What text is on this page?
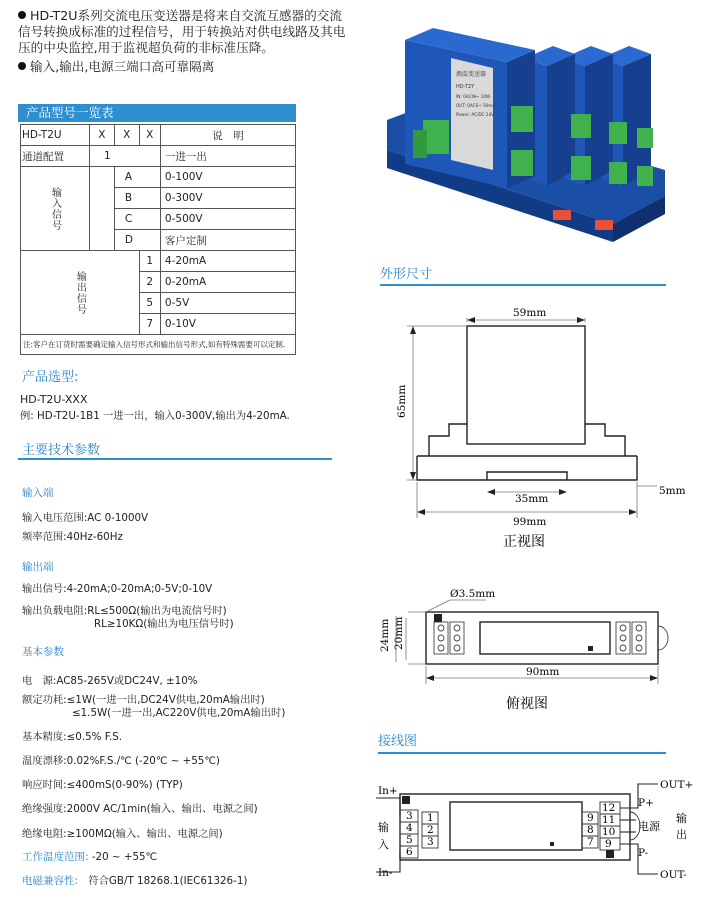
HD-T2U系列交流电压变送器是将来自交流互感器的交流信号转换成标准的过程信号，用于转换站对供电线路及其电压的中央监控,用于监视超负荷的非标准压降。

输入,输出,电源三端口高可靠隔离

产品型号一览表
HD-T2U	X	X	X	说　明
通道配置	1			一进一出

输入信号		A		0-100V
		B		0-300V
		C		0-500V
		D		客户定制

输出信号			1	4-20mA
			2	0-20mA
			5	0-5V
			7	0-10V
注:客户在订货时需要确定输入信号形式和输出信号形式,如有特殊需要可以定制.				
产品选型:
HD-T2U-XXX
例: HD-T2U-1B1 一进一出，输入0-300V,输出为4-20mA.
主要技术参数
输入端
输入电压范围:AC 0-1000V
频率范围:40Hz-60Hz
输出端
输出信号:4-20mA;0-20mA;0-5V;0-10V
输出负载电阻:RL≤500Ω(输出为电流信号时)
RL≥10KΩ(输出为电压信号时)
基本参数
电　源:AC85-265V或DC24V, ±10%
额定功耗:≤1W(一进一出,DC24V供电,20mA输出时)
≤1.5W(一进一出,AC220V供电,20mA输出时)
基本精度:≤0.5% F.S.
温度漂移:0.02%F.S./℃ (-20℃ ~ +55℃)
响应时间:≤400mS(0-90%) (TYP)
绝缘强度:2000V AC/1min(输入、输出、电源之间)
绝缘电阻:≥100MΩ(输入、输出、电源之间)
工作温度范围: -20 ~ +55℃
电磁兼容性:　 符合GB/T 18268.1(IEC61326-1)
测温变送器
HD-T2Y
IN: 0ACIN~ 10W
OUT: 0ACS~ 50mA
Power: AC/DC 24V
外形尺寸
59mm
65mm
35mm
5mm
99mm
正视图
Ø3.5mm
24mm 20mm
90mm
俯视图
接线图
In+
In-
输
入
OUT+
OUT-
输
出
P+
P-
电源
3
4
5
6
1
2
3
9
8
7
12
11
10
9
